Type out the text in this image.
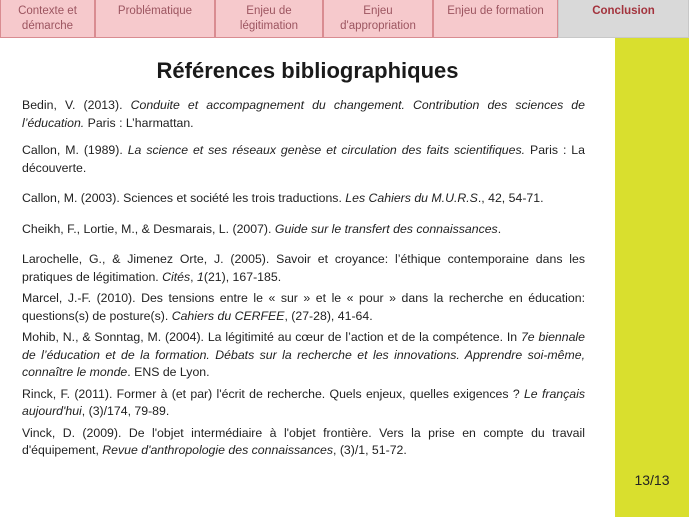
Contexte et
démarche
Problématique	Enjeu de
légitimation
Enjeu
d'appropriation
Enjeu de formation	Conclusion
13/13
Références bibliographiques
Bedin, V. (2013). Conduite et accompagnement du changement. Contribution des sciences de l’éducation. Paris : L’harmattan.
Callon, M. (1989). La science et ses réseaux genèse et circulation des faits scientifiques. Paris : La découverte.
Callon, M. (2003). Sciences et société les trois traductions. Les Cahiers du M.U.R.S., 42, 54-71.
Cheikh, F., Lortie, M., & Desmarais, L. (2007). Guide sur le transfert des connaissances.
Larochelle, G., & Jimenez Orte, J. (2005). Savoir et croyance: l’éthique contemporaine dans les pratiques de légitimation. Cités, 1(21), 167-185.
Marcel, J.-F. (2010). Des tensions entre le « sur » et le « pour » dans la recherche en éducation: questions(s) de posture(s). Cahiers du CERFEE, (27-28), 41-64.
Mohib, N., & Sonntag, M. (2004). La légitimité au cœur de l’action et de la compétence. In 7e biennale de l’éducation et de la formation. Débats sur la recherche et les innovations. Apprendre soi-même, connaître le monde. ENS de Lyon.
Rinck, F. (2011). Former à (et par) l'écrit de recherche. Quels enjeux, quelles exigences ? Le français aujourd'hui, (3)/174, 79-89.
Vinck, D. (2009). De l'objet intermédiaire à l'objet frontière. Vers la prise en compte du travail d'équipement, Revue d'anthropologie des connaissances, (3)/1, 51-72.
